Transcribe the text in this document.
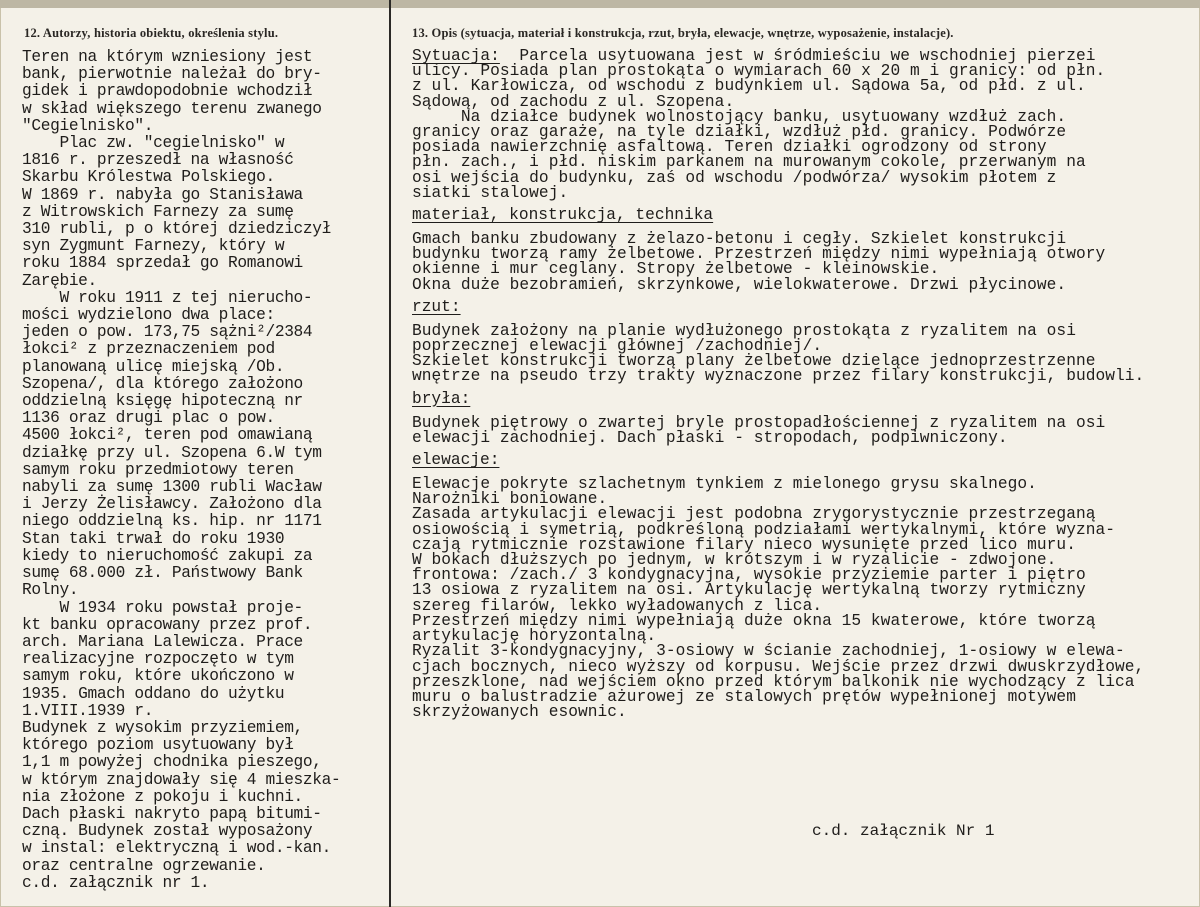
12. Autorzy, historia obiektu, określenia stylu.

Teren na którym wzniesiony jest

bank, pierwotnie należał do bry-

gidek i prawdopodobnie wchodził

w skład większego terenu zwanego

"Cegielnisko".

Plac zw. "cegielnisko" w

1816 r. przeszedł na własność

Skarbu Królestwa Polskiego.

W 1869 r. nabyła go Stanisława

z Witrowskich Farnezy za sumę

310 rubli, p o której dziedziczył

syn Zygmunt Farnezy, który w

roku 1884 sprzedał go Romanowi

Zarębie.

W roku 1911 z tej nierucho-

mości wydzielono dwa place:

jeden o pow. 173,75 sążni²/2384

łokci² z przeznaczeniem pod

planowaną ulicę miejską /Ob.

Szopena/, dla którego założono

oddzielną księgę hipoteczną nr

1136 oraz drugi plac o pow.

4500 łokci², teren pod omawianą

działkę przy ul. Szopena 6.W tym

samym roku przedmiotowy teren

nabyli za sumę 1300 rubli Wacław

i Jerzy Żelisławcy. Założono dla

niego oddzielną ks. hip. nr 1171

Stan taki trwał do roku 1930

kiedy to nieruchomość zakupi za

sumę 68.000 zł. Państwowy Bank

Rolny.

W 1934 roku powstał proje-

kt banku opracowany przez prof.

arch. Mariana Lalewicza. Prace

realizacyjne rozpoczęto w tym

samym roku, które ukończono w

1935. Gmach oddano do użytku

1.VIII.1939 r.

Budynek z wysokim przyziemiem,

którego poziom usytuowany był

1,1 m powyżej chodnika pieszego,

w którym znajdowały się 4 mieszka-

nia złożone z pokoju i kuchni.

Dach płaski nakryto papą bitumi-

czną. Budynek został wyposażony

w instal: elektryczną i wod.-kan.

oraz centralne ogrzewanie.

c.d. załącznik nr 1.

13. Opis (sytuacja, materiał i konstrukcja, rzut, bryła, elewacje, wnętrze, wyposażenie, instalacje).

Sytuacja:  Parcela usytuowana jest w śródmieściu we wschodniej pierzei

ulicy. Posiada plan prostokąta o wymiarach 60 x 20 m i granicy: od płn.

z ul. Karłowicza, od wschodu z budynkiem ul. Sądowa 5a, od płd. z ul.

Sądową, od zachodu z ul. Szopena.

Na działce budynek wolnostojący banku, usytuowany wzdłuż zach.

granicy oraz garaże, na tyle działki, wzdłuż płd. granicy. Podwórze

posiada nawierzchnię asfaltową. Teren działki ogrodzony od strony

płn. zach., i płd. niskim parkanem na murowanym cokole, przerwanym na

osi wejścia do budynku, zaś od wschodu /podwórza/ wysokim płotem z

siatki stalowej.

materiał, konstrukcja, technika

Gmach banku zbudowany z żelazo-betonu i cegły. Szkielet konstrukcji

budynku tworzą ramy żelbetowe. Przestrzeń między nimi wypełniają otwory

okienne i mur ceglany. Stropy żelbetowe - kleinowskie.

Okna duże bezobramień, skrzynkowe, wielokwaterowe. Drzwi płycinowe.

rzut:

Budynek założony na planie wydłużonego prostokąta z ryzalitem na osi

poprzecznej elewacji głównej /zachodniej/.

Szkielet konstrukcji tworzą plany żelbetowe dzielące jednoprzestrzenne

wnętrze na pseudo trzy trakty wyznaczone przez filary konstrukcji, budowli.

bryła:

Budynek piętrowy o zwartej bryle prostopadłościennej z ryzalitem na osi

elewacji zachodniej. Dach płaski - stropodach, podpiwniczony.

elewacje:

Elewacje pokryte szlachetnym tynkiem z mielonego grysu skalnego.

Narożniki boniowane.

Zasada artykulacji elewacji jest podobna zrygorystycznie przestrzeganą

osiowością i symetrią, podkreśloną podziałami wertykalnymi, które wyzna-

czają rytmicznie rozstawione filary nieco wysunięte przed lico muru.

W bokach dłuższych po jednym, w krótszym i w ryzalicie - zdwojone.

frontowa: /zach./ 3 kondygnacyjna, wysokie przyziemie parter i piętro

13 osiowa z ryzalitem na osi. Artykulację wertykalną tworzy rytmiczny

szereg filarów, lekko wyładowanych z lica.

Przestrzeń między nimi wypełniają duże okna 15 kwaterowe, które tworzą

artykulację horyzontalną.

Ryzalit 3-kondygnacyjny, 3-osiowy w ścianie zachodniej, 1-osiowy w elewa-

cjach bocznych, nieco wyższy od korpusu. Wejście przez drzwi dwuskrzydłowe,

przeszklone, nad wejściem okno przed którym balkonik nie wychodzący z lica

muru o balustradzie ażurowej ze stalowych prętów wypełnionej motywem

skrzyżowanych esownic.

c.d. załącznik Nr 1
